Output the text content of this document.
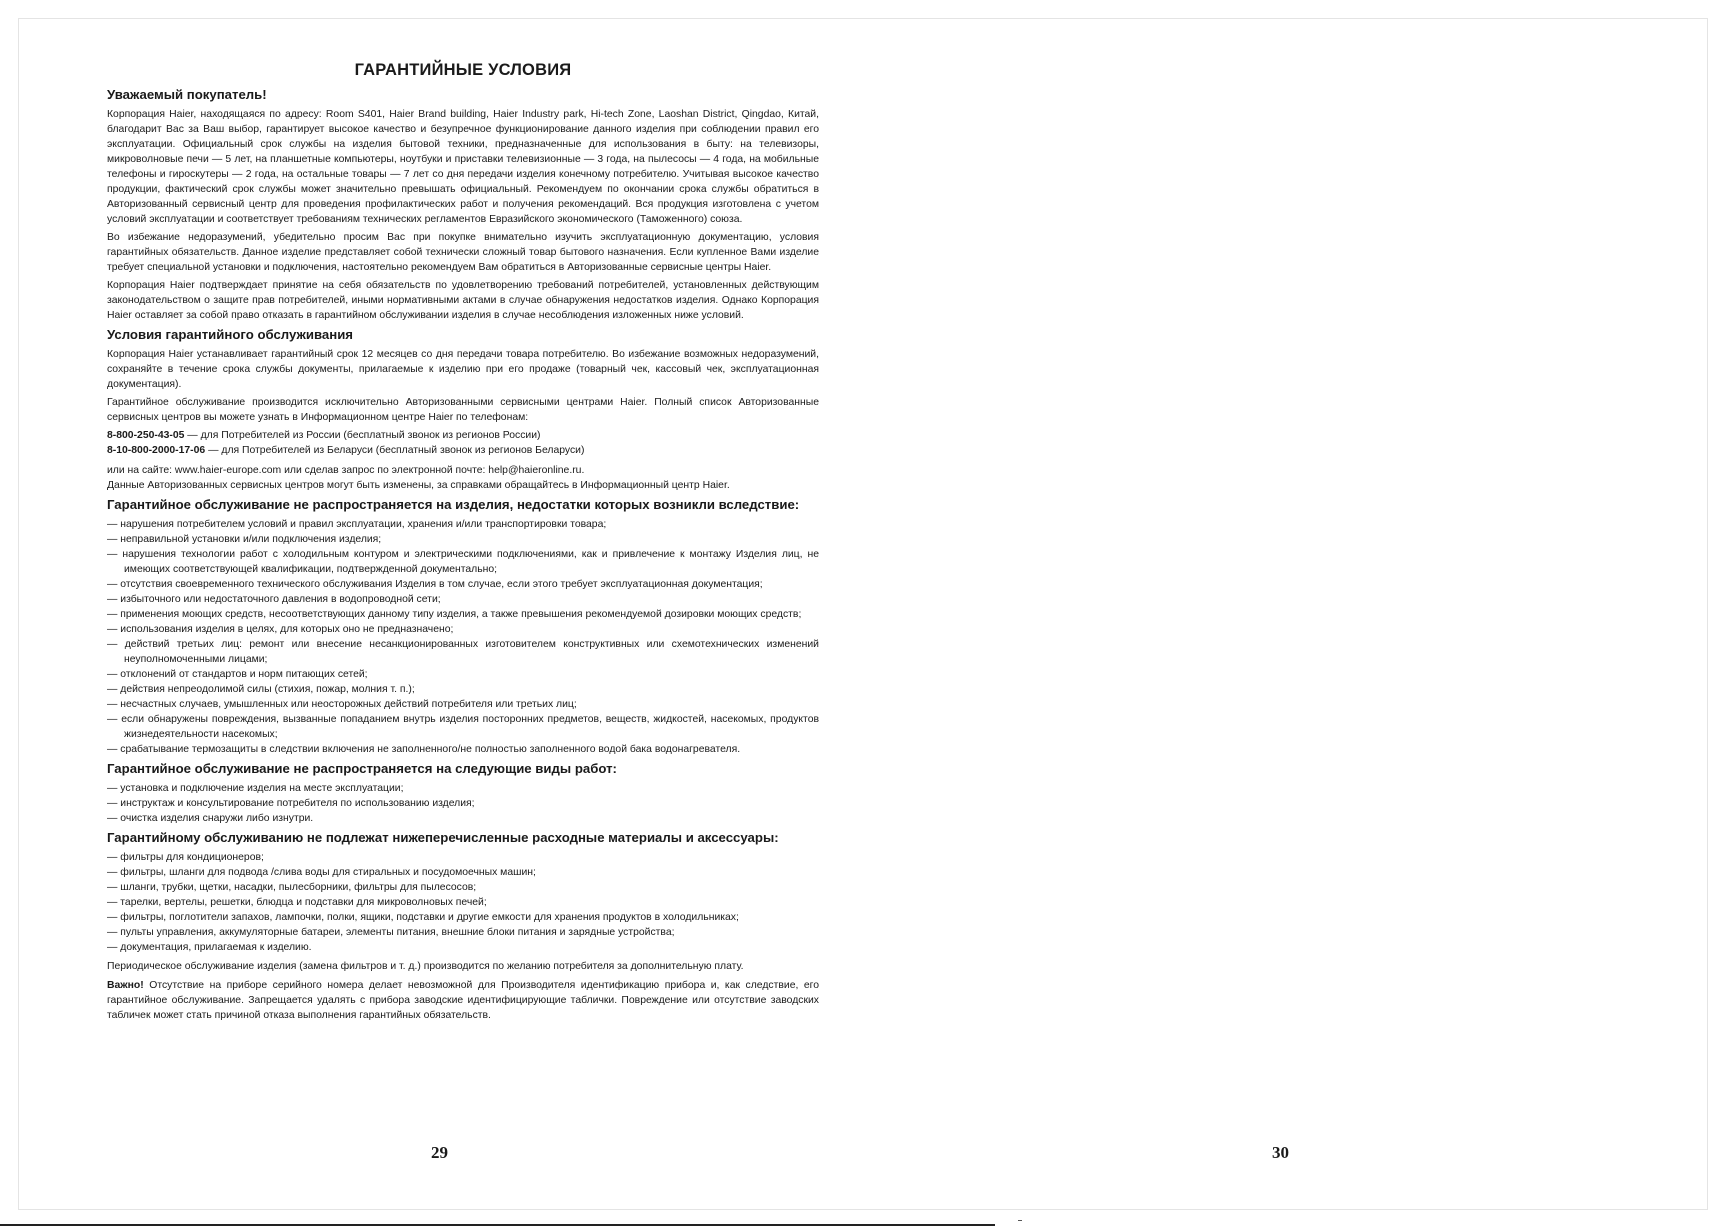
ГАРАНТИЙНЫЕ УСЛОВИЯ
Уважаемый покупатель!

Корпорация Haier, находящаяся по адресу: Room S401, Haier Brand building, Haier Industry park, Hi-tech Zone, Laoshan District, Qingdao, Китай, благодарит Вас за Ваш выбор, гарантирует высокое качество и безупречное функционирование данного изделия при соблюдении правил его эксплуатации. Официальный срок службы на изделия бытовой техники, предназначенные для использования в быту: на телевизоры, микроволновые печи — 5 лет, на планшетные компьютеры, ноутбуки и приставки телевизионные — 3 года, на пылесосы — 4 года, на мобильные телефоны и гироскутеры — 2 года, на остальные товары — 7 лет со дня передачи изделия конечному потребителю. Учитывая высокое качество продукции, фактический срок службы может значительно превышать официальный. Рекомендуем по окончании срока службы обратиться в Авторизованный сервисный центр для проведения профилактических работ и получения рекомендаций. Вся продукция изготовлена с учетом условий эксплуатации и соответствует требованиям технических регламентов Евразийского экономического (Таможенного) союза.

Во избежание недоразумений, убедительно просим Вас при покупке внимательно изучить эксплуатационную документацию, условия гарантийных обязательств. Данное изделие представляет собой технически сложный товар бытового назначения. Если купленное Вами изделие требует специальной установки и подключения, настоятельно рекомендуем Вам обратиться в Авторизованные сервисные центры Haier.

Корпорация Haier подтверждает принятие на себя обязательств по удовлетворению требований потребителей, установленных действующим законодательством о защите прав потребителей, иными нормативными актами в случае обнаружения недостатков изделия. Однако Корпорация Haier оставляет за собой право отказать в гарантийном обслуживании изделия в случае несоблюдения изложенных ниже условий.

Условия гарантийного обслуживания

Корпорация Haier устанавливает гарантийный срок 12 месяцев со дня передачи товара потребителю. Во избежание возможных недоразумений, сохраняйте в течение срока службы документы, прилагаемые к изделию при его продаже (товарный чек, кассовый чек, эксплуатационная документация).

Гарантийное обслуживание производится исключительно Авторизованными сервисными центрами Haier. Полный список Авторизованные сервисных центров вы можете узнать в Информационном центре Haier по телефонам:

8-800-250-43-05 — для Потребителей из России (бесплатный звонок из регионов России)
8-10-800-2000-17-06 — для Потребителей из Беларуси (бесплатный звонок из регионов Беларуси)

или на сайте: www.haier-europe.com или сделав запрос по электронной почте: help@haieronline.ru.

Данные Авторизованных сервисных центров могут быть изменены, за справками обращайтесь в Информационный центр Haier.

Гарантийное обслуживание не распространяется на изделия, недостатки которых возникли вследствие:
— нарушения потребителем условий и правил эксплуатации, хранения и/или транспортировки товара;
— неправильной установки и/или подключения изделия;
— нарушения технологии работ с холодильным контуром и электрическими подключениями, как и привлечение к монтажу Изделия лиц, не имеющих соответствующей квалификации, подтвержденной документально;
— отсутствия своевременного технического обслуживания Изделия в том случае, если этого требует эксплуатационная документация;
— избыточного или недостаточного давления в водопроводной сети;
— применения моющих средств, несоответствующих данному типу изделия, а также превышения рекомендуемой дозировки моющих средств;
— использования изделия в целях, для которых оно не предназначено;
— действий третьих лиц: ремонт или внесение несанкционированных изготовителем конструктивных или схемотехнических изменений неуполномоченными лицами;
— отклонений от стандартов и норм питающих сетей;
— действия непреодолимой силы (стихия, пожар, молния т. п.);
— несчастных случаев, умышленных или неосторожных действий потребителя или третьих лиц;
— если обнаружены повреждения, вызванные попаданием внутрь изделия посторонних предметов, веществ, жидкостей, насекомых, продуктов жизнедеятельности насекомых;
— срабатывание термозащиты в следствии включения не заполненного/не полностью заполненного водой бака водонагревателя.
Гарантийное обслуживание не распространяется на следующие виды работ:
— установка и подключение изделия на месте эксплуатации;
— инструктаж и консультирование потребителя по использованию изделия;
— очистка изделия снаружи либо изнутри.
Гарантийному обслуживанию не подлежат нижеперечисленные расходные материалы и аксессуары:
— фильтры для кондиционеров;
— фильтры, шланги для подвода /слива воды для стиральных и посудомоечных машин;
— шланги, трубки, щетки, насадки, пылесборники, фильтры для пылесосов;
— тарелки, вертелы, решетки, блюдца и подставки для микроволновых печей;
— фильтры, поглотители запахов, лампочки, полки, ящики, подставки и другие емкости для хранения продуктов в холодильниках;
— пульты управления, аккумуляторные батареи, элементы питания, внешние блоки питания и зарядные устройства;
— документация, прилагаемая к изделию.

Периодическое обслуживание изделия (замена фильтров и т. д.) производится по желанию потребителя за дополнительную плату.

Важно! Отсутствие на приборе серийного номера делает невозможной для Производителя идентификацию прибора и, как следствие, его гарантийное обслуживание. Запрещается удалять с прибора заводские идентифицирующие таблички. Повреждение или отсутствие заводских табличек может стать причиной отказа выполнения гарантийных обязательств.

29	30
